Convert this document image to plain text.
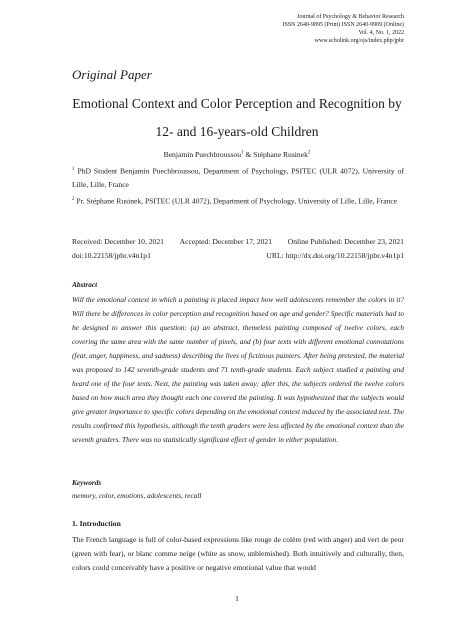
Journal of Psychology & Behavior Research
ISSN 2640-9895 (Print) ISSN 2640-9909 (Online)
Vol. 4, No. 1, 2022
www.scholink.org/ojs/index.php/jpbr
Original Paper
Emotional Context and Color Perception and Recognition by
12- and 16-years-old Children
Benjamin Puechbroussou$^1$ & Stéphane Rusinek$^2$
$^1$ PhD Student Benjamin Puechbroussou, Department of Psychology, PSITEC (ULR 4072), University of Lille, Lille, France
$^2$ Pr. Stéphane Rusinek, PSITEC (ULR 4072), Department of Psychology, University of Lille, Lille, France
Received: December 10, 2021 Accepted: December 17, 2021 Online Published: December 23, 2021
doi:10.22158/jpbr.v4n1p1	URL: http://dx.doi.org/10.22158/jpbr.v4n1p1
Abstract
Will the emotional context in which a painting is placed impact how well adolescents remember the colors in it? Will there be differences in color perception and recognition based on age and gender? Specific materials had to be designed to answer this question: (a) an abstract, themeless painting composed of twelve colors, each covering the same area with the same number of pixels, and (b) four texts with different emotional connotations (fear, anger, happiness, and sadness) describing the lives of fictitious painters. After being pretested, the material was proposed to 142 seventh-grade students and 71 tenth-grade students. Each subject studied a painting and heard one of the four texts. Next, the painting was taken away; after this, the subjects ordered the twelve colors based on how much area they thought each one covered the painting. It was hypothesized that the subjects would give greater importance to specific colors depending on the emotional context induced by the associated text. The results confirmed this hypothesis, although the tenth graders were less affected by the emotional context than the seventh graders. There was no statistically significant effect of gender in either population.
Keywords
memory, color, emotions, adolescents, recall
1. Introduction
The French language is full of color-based expressions like rouge de colère (red with anger) and vert de peur (green with fear), or blanc comme neige (white as snow, unblemished). Both intuitively and culturally, then, colors could conceivably have a positive or negative emotional value that would
1
